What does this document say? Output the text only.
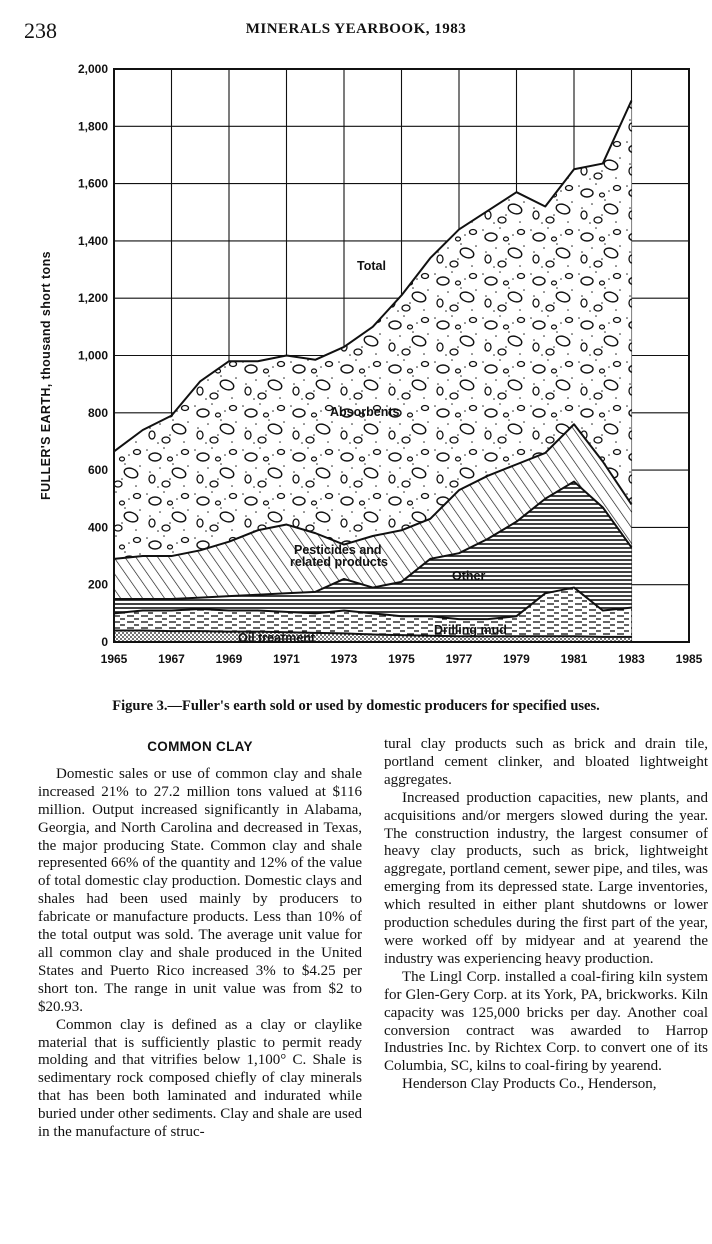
238	MINERALS YEARBOOK, 1983
0
200
400
600
800
1,000
1,200
1,400
1,600
1,800
2,000
1965	1967	1969	1971	1973	1975	1977	1979	1981	1983	1985
FULLER'S EARTH, thousand short tons	Total
Absorbents
Pesticides and
related products
Other
Drilling mud
Oil treatment
Figure 3.—Fuller's earth sold or used by domestic producers for specified uses.
COMMON CLAY

Domestic sales or use of common clay and shale increased 21% to 27.2 million tons valued at $116 million. Output increased significantly in Alabama, Georgia, and North Carolina and decreased in Texas, the major producing State. Common clay and shale represented 66% of the quantity and 12% of the value of total domestic clay production. Domestic clays and shales had been used mainly by producers to fabricate or manufacture products. Less than 10% of the total output was sold. The average unit value for all common clay and shale produced in the United States and Puerto Rico increased 3% to $4.25 per short ton. The range in unit value was from $2 to $20.93.

Common clay is defined as a clay or claylike material that is sufficiently plastic to permit ready molding and that vitrifies below 1,100° C. Shale is sedimentary rock composed chiefly of clay minerals that has been both laminated and indurated while buried under other sediments. Clay and shale are used in the manufacture of struc-

tural clay products such as brick and drain tile, portland cement clinker, and bloated lightweight aggregates.

Increased production capacities, new plants, and acquisitions and/or mergers slowed during the year. The construction industry, the largest consumer of heavy clay products, such as brick, lightweight aggregate, portland cement, sewer pipe, and tiles, was emerging from its depressed state. Large inventories, which resulted in either plant shutdowns or lower production schedules during the first part of the year, were worked off by midyear and at yearend the industry was experiencing heavy production.

The Lingl Corp. installed a coal-firing kiln system for Glen-Gery Corp. at its York, PA, brickworks. Kiln capacity was 125,000 bricks per day. Another coal conversion contract was awarded to Harrop Industries Inc. by Richtex Corp. to convert one of its Columbia, SC, kilns to coal-firing by yearend.

Henderson Clay Products Co., Henderson,
